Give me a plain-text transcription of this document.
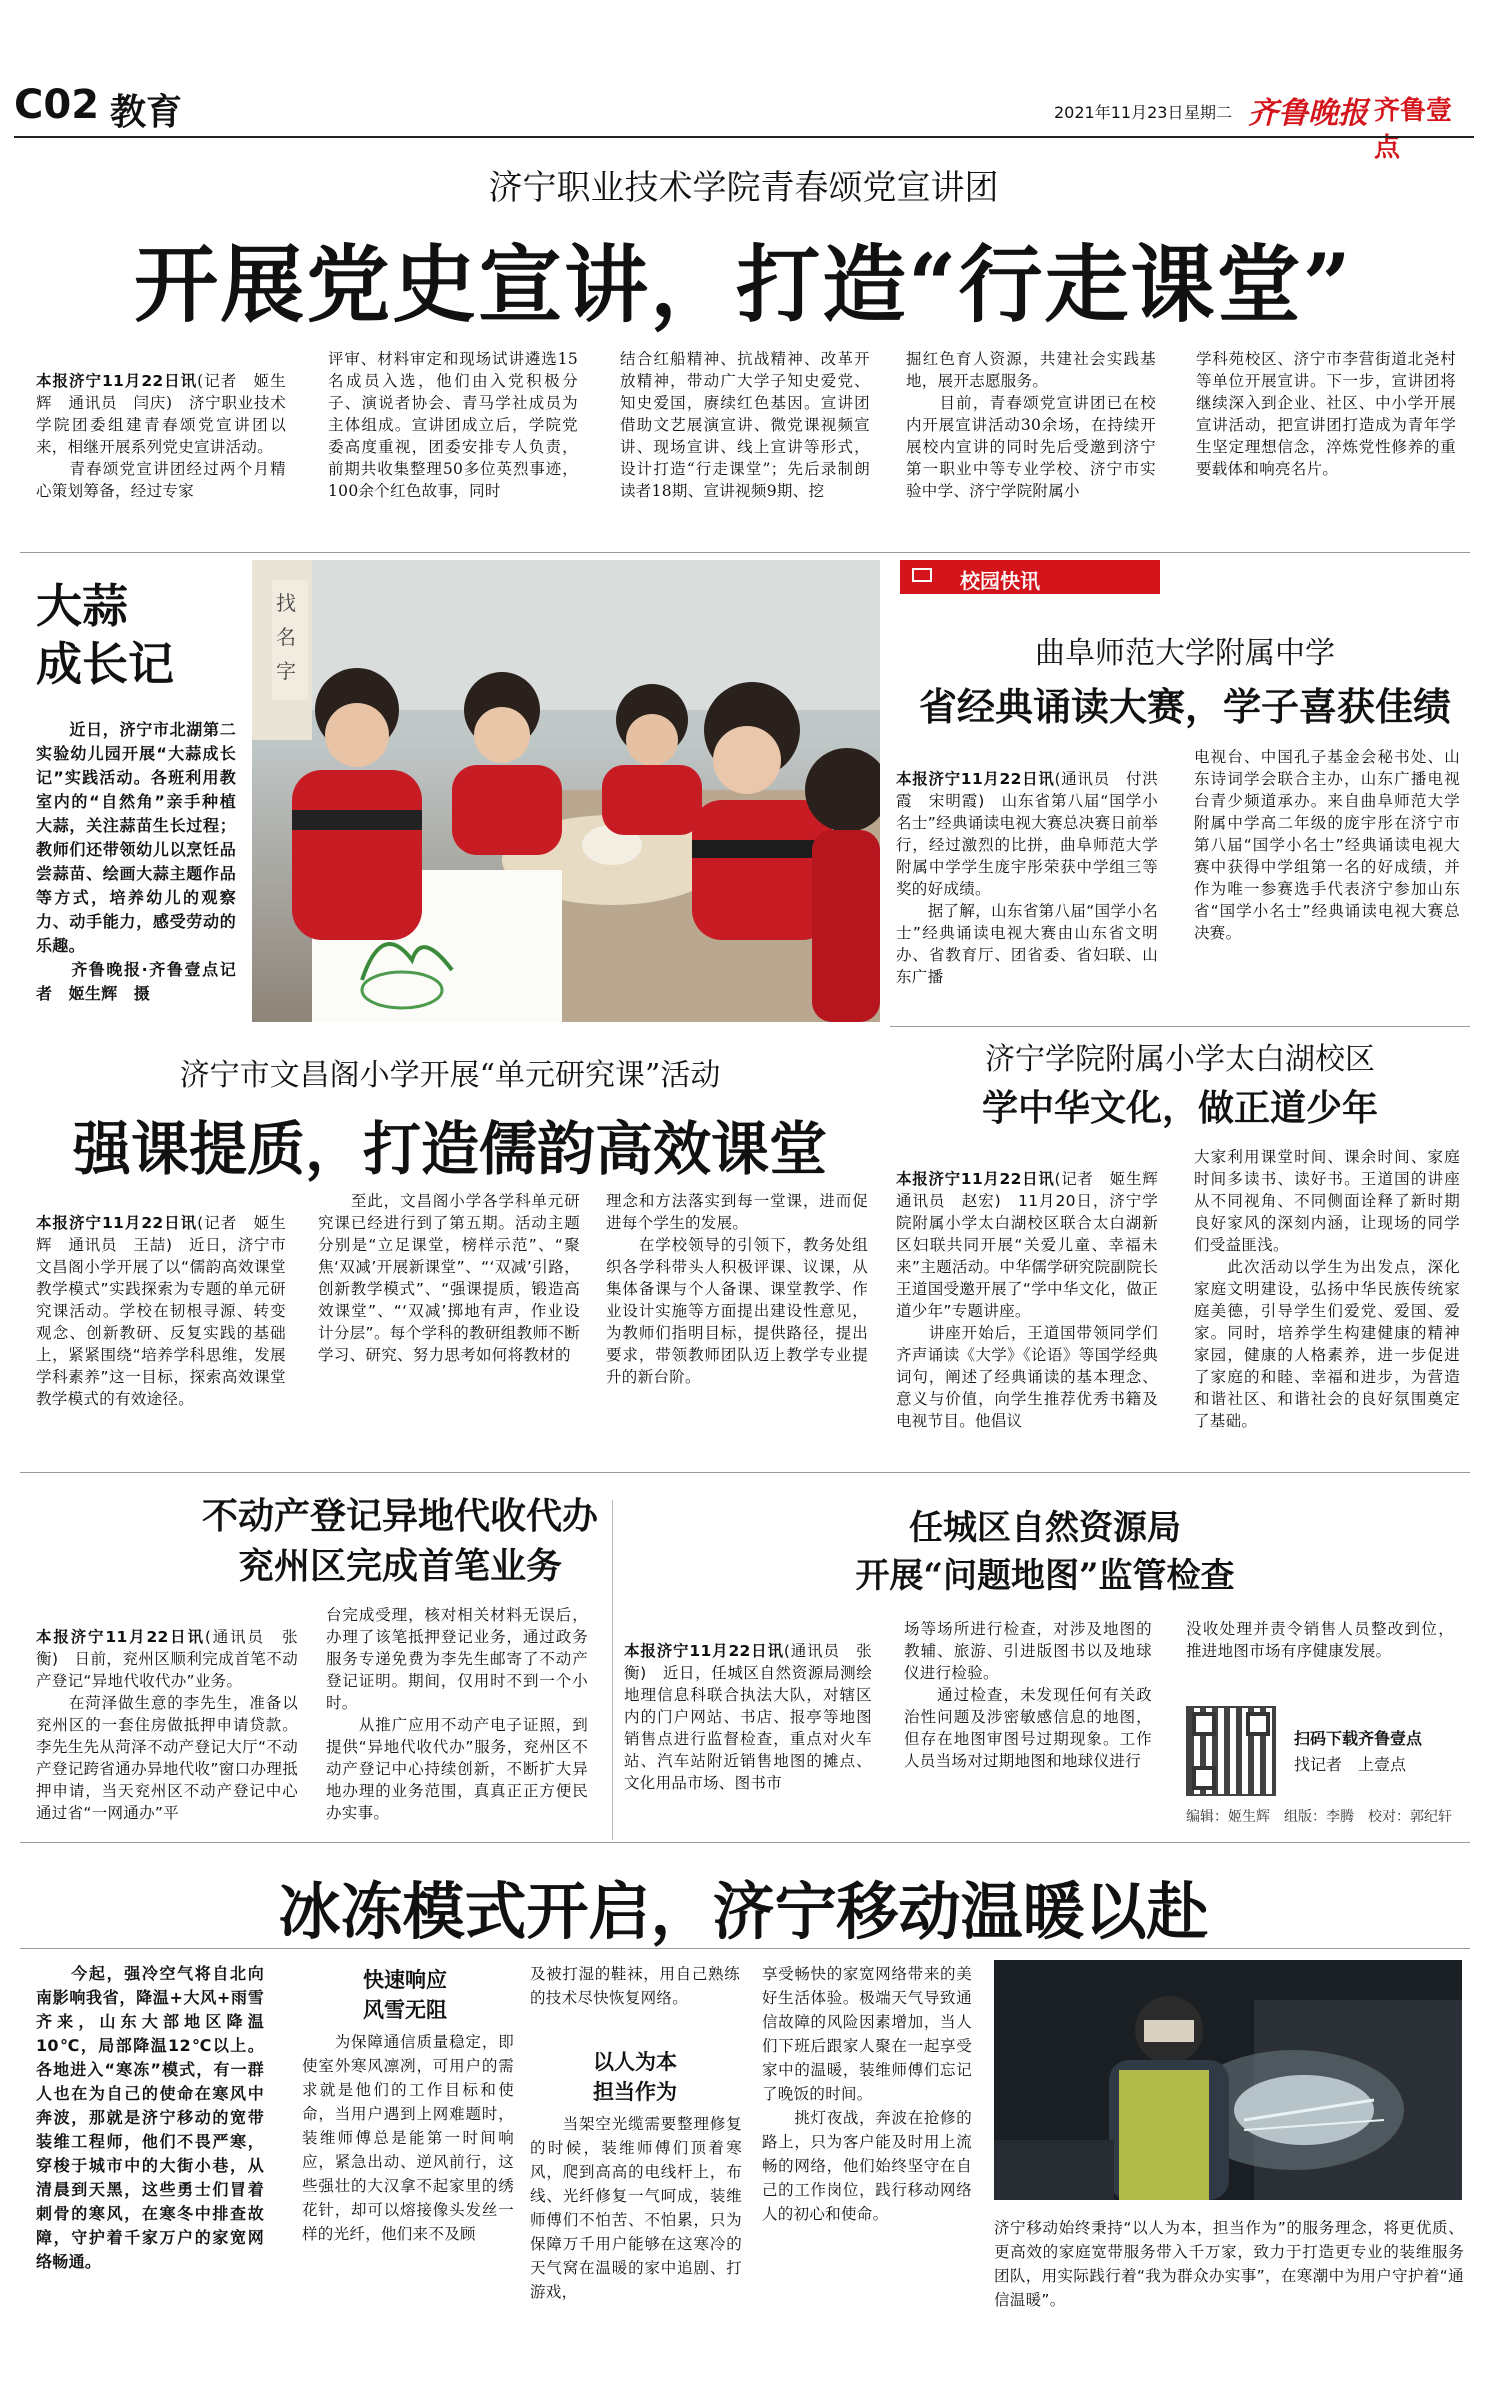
C02 教育	2021年11月23日 星期二 齐鲁晚报 齐鲁壹点
济宁职业技术学院青春颂党宣讲团
开展党史宣讲，打造“行走课堂”

本报济宁11月22日讯(记者　姬生辉　通讯员　闫庆)　济宁职业技术学院团委组建青春颂党宣讲团以来，相继开展系列党史宣讲活动。
　　青春颂党宣讲团经过两个月精心策划筹备，经过专家

评审、材料审定和现场试讲遴选15名成员入选，他们由入党积极分子、演说者协会、青马学社成员为主体组成。宣讲团成立后，学院党委高度重视，团委安排专人负责，前期共收集整理50多位英烈事迹，100余个红色故事，同时
结合红船精神、抗战精神、改革开放精神，带动广大学子知史爱党、知史爱国，赓续红色基因。宣讲团借助文艺展演宣讲、微党课视频宣讲、现场宣讲、线上宣讲等形式，设计打造“行走课堂”；先后录制朗读者18期、宣讲视频9期、挖
掘红色育人资源，共建社会实践基地，展开志愿服务。
　　目前，青春颂党宣讲团已在校内开展宣讲活动30余场，在持续开展校内宣讲的同时先后受邀到济宁第一职业中等专业学校、济宁市实验中学、济宁学院附属小
学科苑校区、济宁市李营街道北尧村等单位开展宣讲。下一步，宣讲团将继续深入到企业、社区、中小学开展宣讲活动，把宣讲团打造成为青年学生坚定理想信念，淬炼党性修养的重要载体和响亮名片。
大蒜
成长记
　　近日，济宁市北湖第二实验幼儿园开展“大蒜成长记”实践活动。各班利用教室内的“自然角”亲手种植大蒜，关注蒜苗生长过程；教师们还带领幼儿以烹饪品尝蒜苗、绘画大蒜主题作品等方式，培养幼儿的观察力、动手能力，感受劳动的乐趣。
　　齐鲁晚报·齐鲁壹点记者　姬生辉　摄
找名字
校园快讯
曲阜师范大学附属中学
省经典诵读大赛，学子喜获佳绩

本报济宁11月22日讯(通讯员　付洪霞　宋明霞)　山东省第八届“国学小名士”经典诵读电视大赛总决赛日前举行，经过激烈的比拼，曲阜师范大学附属中学学生庞宇彤荣获中学组三等奖的好成绩。
　　据了解，山东省第八届“国学小名士”经典诵读电视大赛由山东省文明办、省教育厅、团省委、省妇联、山东广播

电视台、中国孔子基金会秘书处、山东诗词学会联合主办，山东广播电视台青少频道承办。来自曲阜师范大学附属中学高二年级的庞宇彤在济宁市第八届“国学小名士”经典诵读电视大赛中获得中学组第一名的好成绩，并作为唯一参赛选手代表济宁参加山东省“国学小名士”经典诵读电视大赛总决赛。
济宁市文昌阁小学开展“单元研究课”活动
强课提质，打造儒韵高效课堂

本报济宁11月22日讯(记者　姬生辉　通讯员　王喆)　近日，济宁市文昌阁小学开展了以“儒韵高效课堂教学模式”实践探索为专题的单元研究课活动。学校在韧根寻源、转变观念、创新教研、反复实践的基础上，紧紧围绕“培养学科思维，发展学科素养”这一目标，探索高效课堂教学模式的有效途径。

　　至此，文昌阁小学各学科单元研究课已经进行到了第五期。活动主题分别是“立足课堂，榜样示范”、“聚焦‘双减’开展新课堂”、“‘双减’引路，创新教学模式”、“强课提质，锻造高效课堂”、“‘双减’掷地有声，作业设计分层”。每个学科的教研组教师不断学习、研究、努力思考如何将教材的
理念和方法落实到每一堂课，进而促进每个学生的发展。
　　在学校领导的引领下，教务处组织各学科带头人积极评课、议课，从集体备课与个人备课、课堂教学、作业设计实施等方面提出建设性意见，为教师们指明目标，提供路径，提出要求，带领教师团队迈上教学专业提升的新台阶。
济宁学院附属小学太白湖校区
学中华文化，做正道少年

本报济宁11月22日讯(记者　姬生辉　通讯员　赵宏)　11月20日，济宁学院附属小学太白湖校区联合太白湖新区妇联共同开展“关爱儿童、幸福未来”主题活动。中华儒学研究院副院长王道国受邀开展了“学中华文化，做正道少年”专题讲座。
　　讲座开始后，王道国带领同学们齐声诵读《大学》《论语》等国学经典词句，阐述了经典诵读的基本理念、意义与价值，向学生推荐优秀书籍及电视节目。他倡议

大家利用课堂时间、课余时间、家庭时间多读书、读好书。王道国的讲座从不同视角、不同侧面诠释了新时期良好家风的深刻内涵，让现场的同学们受益匪浅。
　　此次活动以学生为出发点，深化家庭文明建设，弘扬中华民族传统家庭美德，引导学生们爱党、爱国、爱家。同时，培养学生构建健康的精神家园，健康的人格素养，进一步促进了家庭的和睦、幸福和进步，为营造和谐社区、和谐社会的良好氛围奠定了基础。
不动产登记异地代收代办
兖州区完成首笔业务

本报济宁11月22日讯(通讯员　张衡)　日前，兖州区顺利完成首笔不动产登记“异地代收代办”业务。
　　在菏泽做生意的李先生，准备以兖州区的一套住房做抵押申请贷款。李先生先从菏泽不动产登记大厅“不动产登记跨省通办异地代收”窗口办理抵押申请，当天兖州区不动产登记中心通过省“一网通办”平

台完成受理，核对相关材料无误后，办理了该笔抵押登记业务，通过政务服务专递免费为李先生邮寄了不动产登记证明。期间，仅用时不到一个小时。
　　从推广应用不动产电子证照，到提供“异地代收代办”服务，兖州区不动产登记中心持续创新，不断扩大异地办理的业务范围，真真正正方便民办实事。
任城区自然资源局
开展“问题地图”监管检查

本报济宁11月22日讯(通讯员　张衡)　近日，任城区自然资源局测绘地理信息科联合执法大队，对辖区内的门户网站、书店、报亭等地图销售点进行监督检查，重点对火车站、汽车站附近销售地图的摊点、文化用品市场、图书市

场等场所进行检查，对涉及地图的教辅、旅游、引进版图书以及地球仪进行检验。
　　通过检查，未发现任何有关政治性问题及涉密敏感信息的地图，但存在地图审图号过期现象。工作人员当场对过期地图和地球仪进行
没收处理并责令销售人员整改到位，推进地图市场有序健康发展。
扫码下载齐鲁壹点
找记者　上壹点
编辑：姬生辉　组版：李腾　校对：郭纪轩
冰冻模式开启，济宁移动温暖以赴
　　今起，强冷空气将自北向南影响我省，降温+大风+雨雪齐来，山东大部地区降温10℃，局部降温12℃以上。各地进入“寒冻”模式，有一群人也在为自己的使命在寒风中奔波，那就是济宁移动的宽带装维工程师，他们不畏严寒，穿梭于城市中的大街小巷，从清晨到天黑，这些勇士们冒着刺骨的寒风，在寒冬中排查故障，守护着千家万户的家宽网络畅通。
快速响应
风雪无阻
　　为保障通信质量稳定，即使室外寒风凛冽，可用户的需求就是他们的工作目标和使命，当用户遇到上网难题时，装维师傅总是能第一时间响应，紧急出动、逆风前行，这些强壮的大汉拿不起家里的绣花针，却可以熔接像头发丝一样的光纤，他们来不及顾
及被打湿的鞋袜，用自己熟练的技术尽快恢复网络。
以人为本
担当作为
　　当架空光缆需要整理修复的时候，装维师傅们顶着寒风，爬到高高的电线杆上，布线、光纤修复一气呵成，装维师傅们不怕苦、不怕累，只为保障万千用户能够在这寒冷的天气窝在温暖的家中追剧、打游戏，
享受畅快的家宽网络带来的美好生活体验。极端天气导致通信故障的风险因素增加，当人们下班后跟家人聚在一起享受家中的温暖，装维师傅们忘记了晚饭的时间。
　　挑灯夜战，奔波在抢修的路上，只为客户能及时用上流畅的网络，他们始终坚守在自己的工作岗位，践行移动网络人的初心和使命。
济宁移动始终秉持“以人为本，担当作为”的服务理念，将更优质、更高效的家庭宽带服务带入千万家，致力于打造更专业的装维服务团队，用实际践行着“我为群众办实事”，在寒潮中为用户守护着“通信温暖”。
